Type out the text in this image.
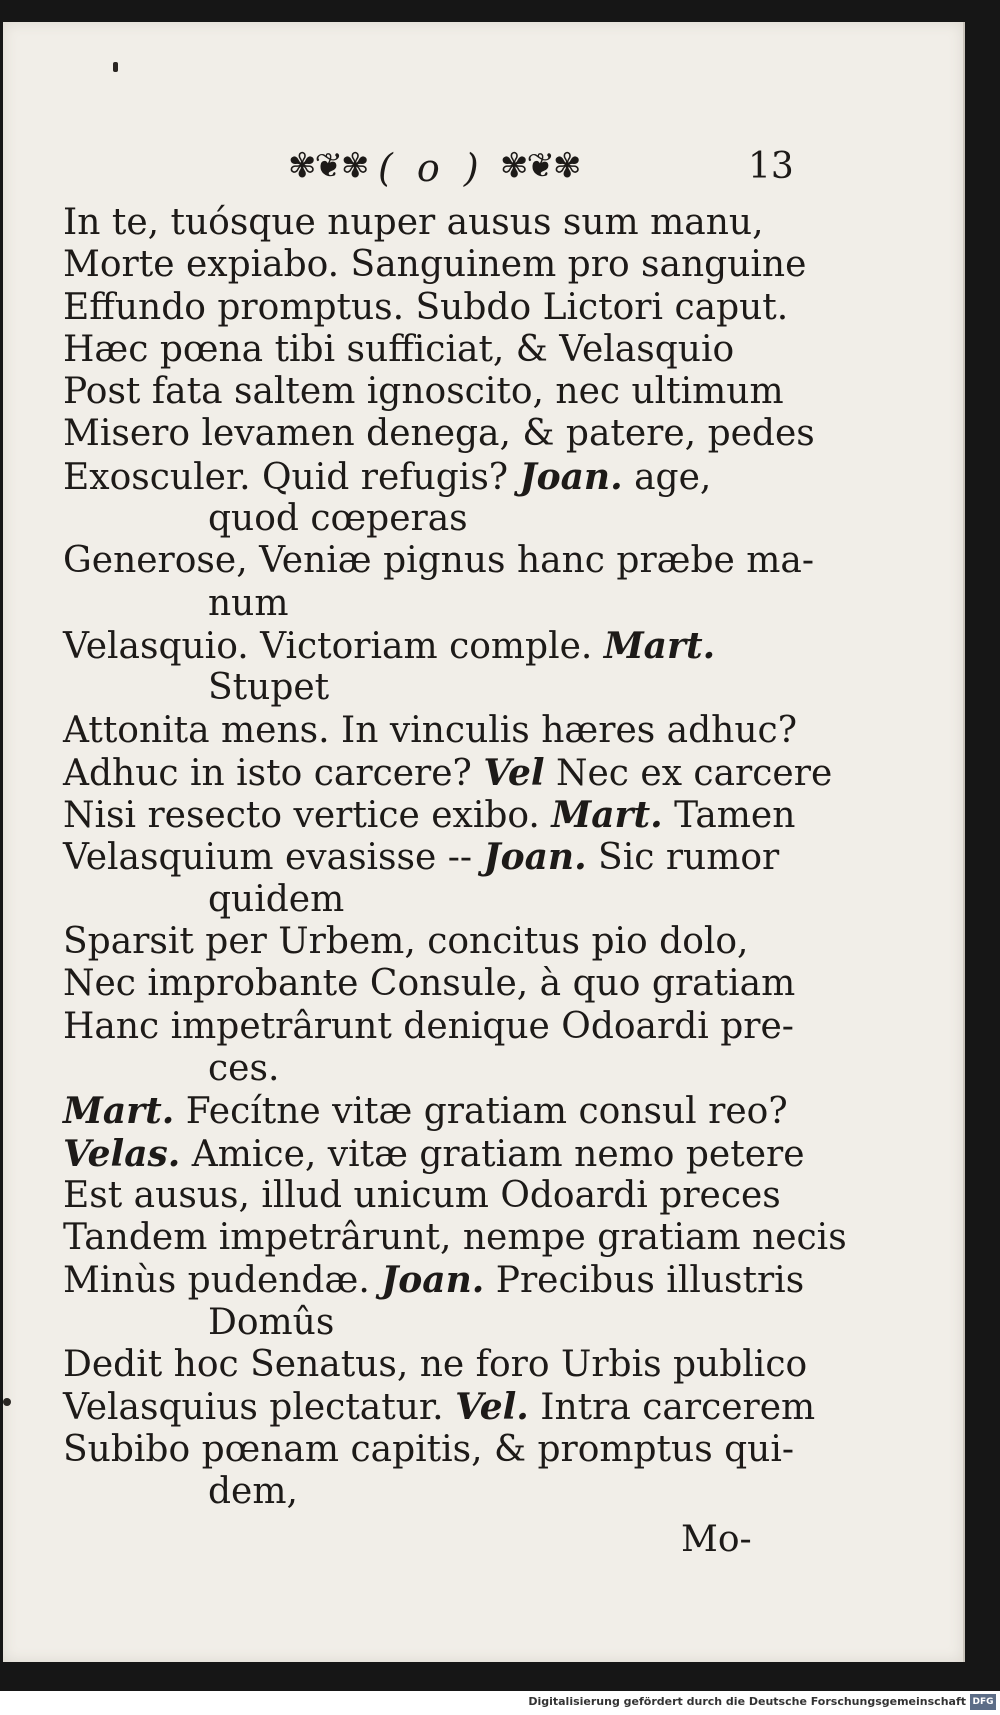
✾❦✾ ( o ) ✾❦✾	13
In te, tuósque nuper ausus sum manu,
Morte expiabo. Sanguinem pro sanguine
Effundo promptus. Subdo Lictori caput.
Hæc pœna tibi sufficiat, & Velasquio
Post fata saltem ignoscito, nec ultimum
Misero levamen denega, & patere, pedes
Exosculer. Quid refugis? Joan. age,
quod cœperas
Generose, Veniæ pignus hanc præbe ma-
num
Velasquio. Victoriam comple. Mart.
Stupet
Attonita mens. In vinculis hæres adhuc?
Adhuc in isto carcere? Vel Nec ex carcere
Nisi resecto vertice exibo. Mart. Tamen
Velasquium evasisse -- Joan. Sic rumor
quidem
Sparsit per Urbem, concitus pio dolo,
Nec improbante Consule, à quo gratiam
Hanc impetrârunt denique Odoardi pre-
ces.
Mart. Fecítne vitæ gratiam consul reo?
Velas. Amice, vitæ gratiam nemo petere
Est ausus, illud unicum Odoardi preces
Tandem impetrârunt, nempe gratiam necis
Minùs pudendæ. Joan. Precibus illustris
Domûs
Dedit hoc Senatus, ne foro Urbis publico
Velasquius plectatur. Vel. Intra carcerem
Subibo pœnam capitis, & promptus qui-
dem,
Mo-
Digitalisierung gefördert durch die Deutsche Forschungsgemeinschaft DFG
